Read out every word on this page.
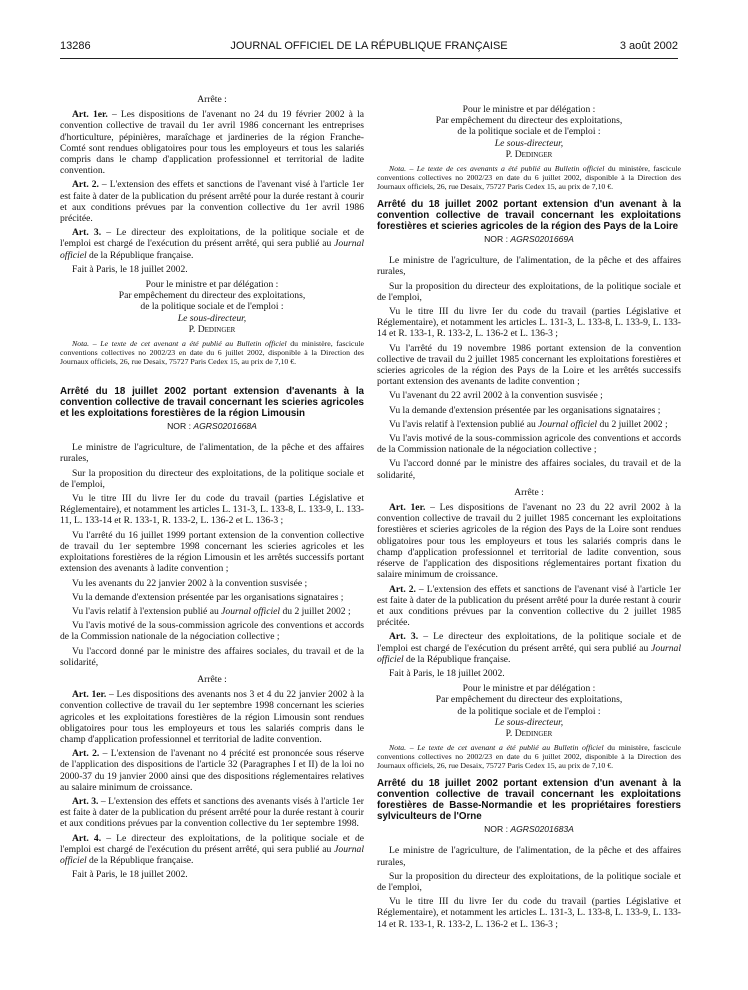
13286	JOURNAL OFFICIEL DE LA RÉPUBLIQUE FRANÇAISE	3 août 2002

Arrête :

Art. 1er. – Les dispositions de l'avenant no 24 du 19 février 2002 à la convention collective de travail du 1er avril 1986 concernant les entreprises d'horticulture, pépinières, maraîchage et jardineries de la région Franche-Comté sont rendues obligatoires pour tous les employeurs et tous les salariés compris dans le champ d'application professionnel et territorial de ladite convention.

Art. 2. – L'extension des effets et sanctions de l'avenant visé à l'article 1er est faite à dater de la publication du présent arrêté pour la durée restant à courir et aux conditions prévues par la convention collective du 1er avril 1986 précitée.

Art. 3. – Le directeur des exploitations, de la politique sociale et de l'emploi est chargé de l'exécution du présent arrêté, qui sera publié au Journal officiel de la République française.

Fait à Paris, le 18 juillet 2002.

Pour le ministre et par délégation :
Par empêchement du directeur des exploitations,
de la politique sociale et de l'emploi :
Le sous-directeur,
P. Dedinger

Nota. – Le texte de cet avenant a été publié au Bulletin officiel du ministère, fascicule conventions collectives no 2002/23 en date du 6 juillet 2002, disponible à la Direction des Journaux officiels, 26, rue Desaix, 75727 Paris Cedex 15, au prix de 7,10 €.

Arrêté du 18 juillet 2002 portant extension d'avenants à la convention collective de travail concernant les scieries agricoles et les exploitations forestières de la région Limousin
NOR : AGRS0201668A

Le ministre de l'agriculture, de l'alimentation, de la pêche et des affaires rurales,

Sur la proposition du directeur des exploitations, de la politique sociale et de l'emploi,

Vu le titre III du livre Ier du code du travail (parties Législative et Réglementaire), et notamment les articles L. 131-3, L. 133-8, L. 133-9, L. 133-11, L. 133-14 et R. 133-1, R. 133-2, L. 136-2 et L. 136-3 ;

Vu l'arrêté du 16 juillet 1999 portant extension de la convention collective de travail du 1er septembre 1998 concernant les scieries agricoles et les exploitations forestières de la région Limousin et les arrêtés successifs portant extension des avenants à ladite convention ;

Vu les avenants du 22 janvier 2002 à la convention susvisée ;

Vu la demande d'extension présentée par les organisations signataires ;

Vu l'avis relatif à l'extension publié au Journal officiel du 2 juillet 2002 ;

Vu l'avis motivé de la sous-commission agricole des conventions et accords de la Commission nationale de la négociation collective ;

Vu l'accord donné par le ministre des affaires sociales, du travail et de la solidarité,

Arrête :

Art. 1er. – Les dispositions des avenants nos 3 et 4 du 22 janvier 2002 à la convention collective de travail du 1er septembre 1998 concernant les scieries agricoles et les exploitations forestières de la région Limousin sont rendues obligatoires pour tous les employeurs et tous les salariés compris dans le champ d'application professionnel et territorial de ladite convention.

Art. 2. – L'extension de l'avenant no 4 précité est prononcée sous réserve de l'application des dispositions de l'article 32 (Paragraphes I et II) de la loi no 2000-37 du 19 janvier 2000 ainsi que des dispositions réglementaires relatives au salaire minimum de croissance.

Art. 3. – L'extension des effets et sanctions des avenants visés à l'article 1er est faite à dater de la publication du présent arrêté pour la durée restant à courir et aux conditions prévues par la convention collective du 1er septembre 1998.

Art. 4. – Le directeur des exploitations, de la politique sociale et de l'emploi est chargé de l'exécution du présent arrêté, qui sera publié au Journal officiel de la République française.

Fait à Paris, le 18 juillet 2002.

Pour le ministre et par délégation :
Par empêchement du directeur des exploitations,
de la politique sociale et de l'emploi :
Le sous-directeur,
P. Dedinger

Nota. – Le texte de ces avenants a été publié au Bulletin officiel du ministère, fascicule conventions collectives no 2002/23 en date du 6 juillet 2002, disponible à la Direction des Journaux officiels, 26, rue Desaix, 75727 Paris Cedex 15, au prix de 7,10 €.

Arrêté du 18 juillet 2002 portant extension d'un avenant à la convention collective de travail concernant les exploitations forestières et scieries agricoles de la région des Pays de la Loire
NOR : AGRS0201669A

Le ministre de l'agriculture, de l'alimentation, de la pêche et des affaires rurales,

Sur la proposition du directeur des exploitations, de la politique sociale et de l'emploi,

Vu le titre III du livre Ier du code du travail (parties Législative et Réglementaire), et notamment les articles L. 131-3, L. 133-8, L. 133-9, L. 133-14 et R. 133-1, R. 133-2, L. 136-2 et L. 136-3 ;

Vu l'arrêté du 19 novembre 1986 portant extension de la convention collective de travail du 2 juillet 1985 concernant les exploitations forestières et scieries agricoles de la région des Pays de la Loire et les arrêtés successifs portant extension des avenants de ladite convention ;

Vu l'avenant du 22 avril 2002 à la convention susvisée ;

Vu la demande d'extension présentée par les organisations signataires ;

Vu l'avis relatif à l'extension publié au Journal officiel du 2 juillet 2002 ;

Vu l'avis motivé de la sous-commission agricole des conventions et accords de la Commission nationale de la négociation collective ;

Vu l'accord donné par le ministre des affaires sociales, du travail et de la solidarité,

Arrête :

Art. 1er. – Les dispositions de l'avenant no 23 du 22 avril 2002 à la convention collective de travail du 2 juillet 1985 concernant les exploitations forestières et scieries agricoles de la région des Pays de la Loire sont rendues obligatoires pour tous les employeurs et tous les salariés compris dans le champ d'application professionnel et territorial de ladite convention, sous réserve de l'application des dispositions réglementaires portant fixation du salaire minimum de croissance.

Art. 2. – L'extension des effets et sanctions de l'avenant visé à l'article 1er est faite à dater de la publication du présent arrêté pour la durée restant à courir et aux conditions prévues par la convention collective du 2 juillet 1985 précitée.

Art. 3. – Le directeur des exploitations, de la politique sociale et de l'emploi est chargé de l'exécution du présent arrêté, qui sera publié au Journal officiel de la République française.

Fait à Paris, le 18 juillet 2002.

Pour le ministre et par délégation :
Par empêchement du directeur des exploitations,
de la politique sociale et de l'emploi :
Le sous-directeur,
P. Dedinger

Nota. – Le texte de cet avenant a été publié au Bulletin officiel du ministère, fascicule conventions collectives no 2002/23 en date du 6 juillet 2002, disponible à la Direction des Journaux officiels, 26, rue Desaix, 75727 Paris Cedex 15, au prix de 7,10 €.

Arrêté du 18 juillet 2002 portant extension d'un avenant à la convention collective de travail concernant les exploitations forestières de Basse-Normandie et les propriétaires forestiers sylviculteurs de l'Orne
NOR : AGRS0201683A

Le ministre de l'agriculture, de l'alimentation, de la pêche et des affaires rurales,

Sur la proposition du directeur des exploitations, de la politique sociale et de l'emploi,

Vu le titre III du livre Ier du code du travail (parties Législative et Réglementaire), et notamment les articles L. 131-3, L. 133-8, L. 133-9, L. 133-14 et R. 133-1, R. 133-2, L. 136-2 et L. 136-3 ;
